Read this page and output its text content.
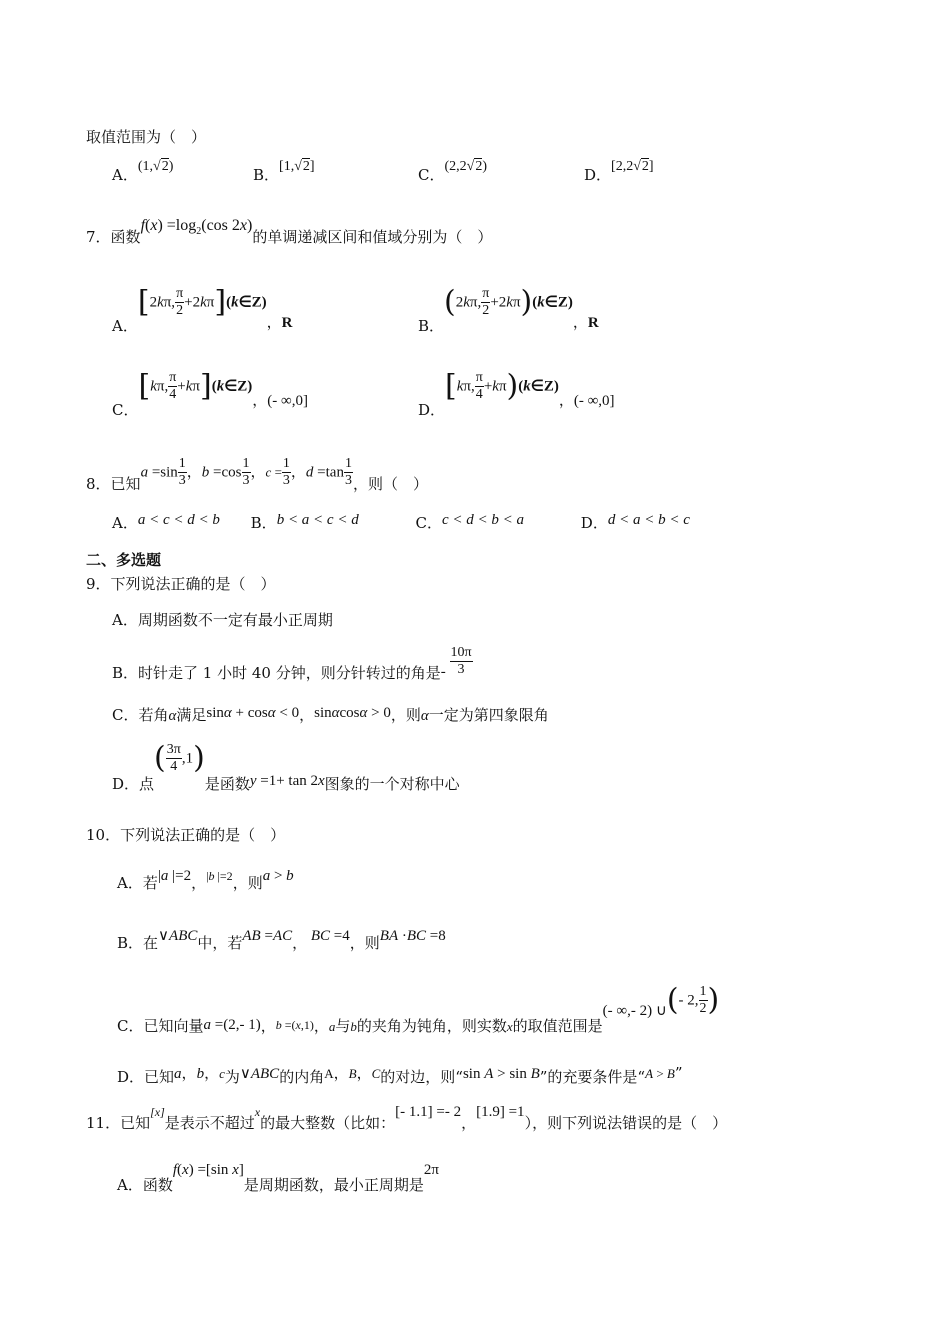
取值范围为（　）
A．(1,√2)	B．[1,√2]	C．(2,2√2)	D．[2,2√2]
7．函数$f(x) =\log_2(\cos$ 2x)的单调递减区间和值域分别为（　）
A．[2kπ, $\frac{\pi}{2}$ +2kπ](k∈Z)，R	B．(2kπ, $\frac{\pi}{2}$ +2kπ)(k∈Z)，R
C．[kπ, $\frac{\pi}{4}$ +kπ](k∈Z)，(- ∞,0]	D．[kπ, $\frac{\pi}{4}$ +kπ)(k∈Z)，(- ∞,0]
8．已知$a =\sin \frac{1}{3}$ ，$b =\cos \frac{1}{3}$ ，$c = \frac{1}{3}$ ，$d =\tan \frac{1}{3}$ ，则（　）
A．a < c < d < b B．b < a < c < d	C．c < d < b < a	D．d < a < b < c
二、多选题
9．下列说法正确的是（　）
A．周期函数不一定有最小正周期
B．时针走了 1 小时 40 分钟，则分针转过的角是- $\frac{10\pi}{3}$
C．若角α满足sinα + cosα < 0，sinαcosα > 0，则α一定为第四象限角
D．点( $\frac{3\pi}{4} ,1$)是函数y =1+ tan 2x图象的一个对称中心
10．下列说法正确的是（　）
A．若|a |=2，|b |=2，则a > b
B．在∨ABC中，若AB =AC， BC =4，则BA ·BC =8
C．已知向量a =(2,- 1)，$_{b =(x,1)}$，a与b的夹角为钝角，则实数x的取值范围是(- ∞,- 2) ∪(- 2, $\frac{1}{2}$ )
D．已知a，b，c为∨ABC的内角A，B，C的对边，则“sin A > sin B”的充要条件是“A > B”
11．已知[x]是表示不超过x的最大整数（比如：[- 1.1] =- 2，[1.9] =1），则下列说法错误的是（　）
A．函数f(x) =[sin x]是周期函数，最小正周期是2π
